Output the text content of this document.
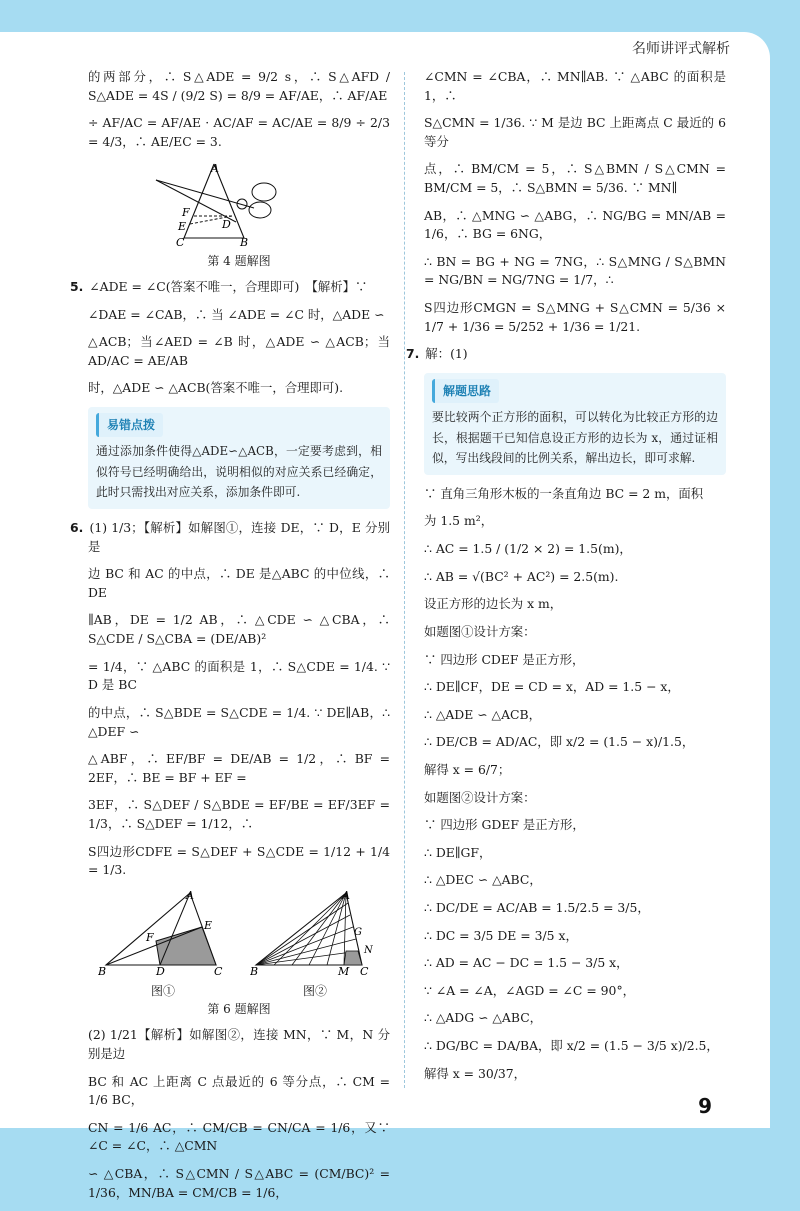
名师讲评式解析

的两部分，∴ S△ADE = 9/2 s，∴ S△AFD / S△ADE = 4S / (9/2 S) = 8/9 = AF/AE，∴ AF/AE

÷ AF/AC = AF/AE · AC/AF = AC/AE = 8/9 ÷ 2/3 = 4/3，∴ AE/EC = 3.

A
F
E	D
C	B
第 4 题解图

5. ∠ADE = ∠C(答案不唯一，合理即可)　【解析】∵

∠DAE = ∠CAB，∴ 当 ∠ADE = ∠C 时，△ADE ∽

△ACB；当∠AED = ∠B 时，△ADE ∽ △ACB；当 AD/AC = AE/AB

时，△ADE ∽ △ACB(答案不唯一，合理即可).

易错点拨

通过添加条件使得△ADE∽△ACB，一定要考虑到，相似符号已经明确给出，说明相似的对应关系已经确定，此时只需找出对应关系，添加条件即可.

6. (1) 1/3；【解析】如解图①，连接 DE，∵ D，E 分别是

边 BC 和 AC 的中点，∴ DE 是△ABC 的中位线，∴ DE

∥AB，DE = 1/2 AB，∴ △CDE ∽ △CBA，∴ S△CDE / S△CBA = (DE/AB)²

= 1/4，∵ △ABC 的面积是 1，∴ S△CDE = 1/4. ∵ D 是 BC

的中点，∴ S△BDE = S△CDE = 1/4. ∵ DE∥AB，∴ △DEF ∽

△ABF，∴ EF/BF = DE/AB = 1/2，∴ BF = 2EF，∴ BE = BF + EF =

3EF，∴ S△DEF / S△BDE = EF/BE = EF/3EF = 1/3，∴ S△DEF = 1/12，∴

S四边形CDFE = S△DEF + S△CDE = 1/12 + 1/4 = 1/3.

A
F
E
B	D	C
图①
A
G
N
B	M C
图②
第 6 题解图

(2) 1/21【解析】如解图②，连接 MN，∵ M，N 分别是边

BC 和 AC 上距离 C 点最近的 6 等分点，∴ CM = 1/6 BC，

CN = 1/6 AC，∴ CM/CB = CN/CA = 1/6，又∵ ∠C = ∠C，∴ △CMN

∽ △CBA，∴ S△CMN / S△ABC = (CM/BC)² = 1/36，MN/BA = CM/CB = 1/6，

∠CMN = ∠CBA，∴ MN∥AB. ∵ △ABC 的面积是 1，∴

S△CMN = 1/36. ∵ M 是边 BC 上距离点 C 最近的 6 等分

点，∴ BM/CM = 5，∴ S△BMN / S△CMN = BM/CM = 5，∴ S△BMN = 5/36. ∵ MN∥

AB，∴ △MNG ∽ △ABG，∴ NG/BG = MN/AB = 1/6，∴ BG = 6NG，

∴ BN = BG + NG = 7NG，∴ S△MNG / S△BMN = NG/BN = NG/7NG = 1/7，∴

S四边形CMGN = S△MNG + S△CMN = 5/36 × 1/7 + 1/36 = 5/252 + 1/36 = 1/21.

7. 解：(1)

解题思路

要比较两个正方形的面积，可以转化为比较正方形的边长，根据题干已知信息设正方形的边长为 x，通过证相似，写出线段间的比例关系，解出边长，即可求解.

∵ 直角三角形木板的一条直角边 BC = 2 m，面积

为 1.5 m²，

∴ AC = 1.5 / (1/2 × 2) = 1.5(m)，

∴ AB = √(BC² + AC²) = 2.5(m).

设正方形的边长为 x m，

如题图①设计方案：

∵ 四边形 CDEF 是正方形，

∴ DE∥CF，DE = CD = x，AD = 1.5 − x，

∴ △ADE ∽ △ACB，

∴ DE/CB = AD/AC，即 x/2 = (1.5 − x)/1.5，

解得 x = 6/7；

如题图②设计方案：

∵ 四边形 GDEF 是正方形，

∴ DE∥GF，

∴ △DEC ∽ △ABC，

∴ DC/DE = AC/AB = 1.5/2.5 = 3/5，

∴ DC = 3/5 DE = 3/5 x，

∴ AD = AC − DC = 1.5 − 3/5 x，

∵ ∠A = ∠A，∠AGD = ∠C = 90°，

∴ △ADG ∽ △ABC，

∴ DG/BC = DA/BA，即 x/2 = (1.5 − 3/5 x)/2.5，

解得 x = 30/37，

9
